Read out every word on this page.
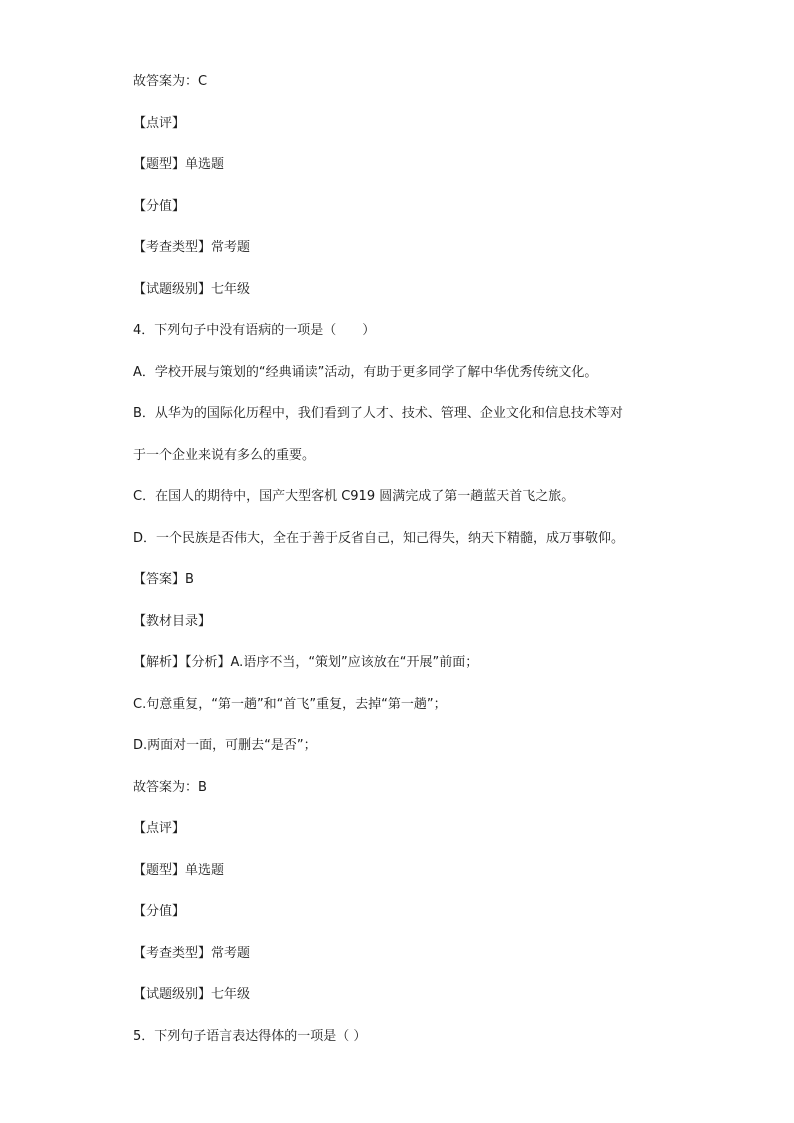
故答案为：C
【点评】
【题型】单选题
【分值】
【考查类型】常考题
【试题级别】七年级
4．下列句子中没有语病的一项是（　　）
A．学校开展与策划的“经典诵读”活动，有助于更多同学了解中华优秀传统文化。
B．从华为的国际化历程中，我们看到了人才、技术、管理、企业文化和信息技术等对
于一个企业来说有多么的重要。
C．在国人的期待中，国产大型客机 C919 圆满完成了第一趟蓝天首飞之旅。
D．一个民族是否伟大，全在于善于反省自己，知己得失，纳天下精髓，成万事敬仰。
【答案】B
【教材目录】
【解析】【分析】A.语序不当，“策划”应该放在“开展”前面；
C.句意重复，“第一趟”和“首飞”重复，去掉“第一趟”；
D.两面对一面，可删去“是否”；
故答案为：B
【点评】
【题型】单选题
【分值】
【考查类型】常考题
【试题级别】七年级
5．下列句子语言表达得体的一项是（ ）
